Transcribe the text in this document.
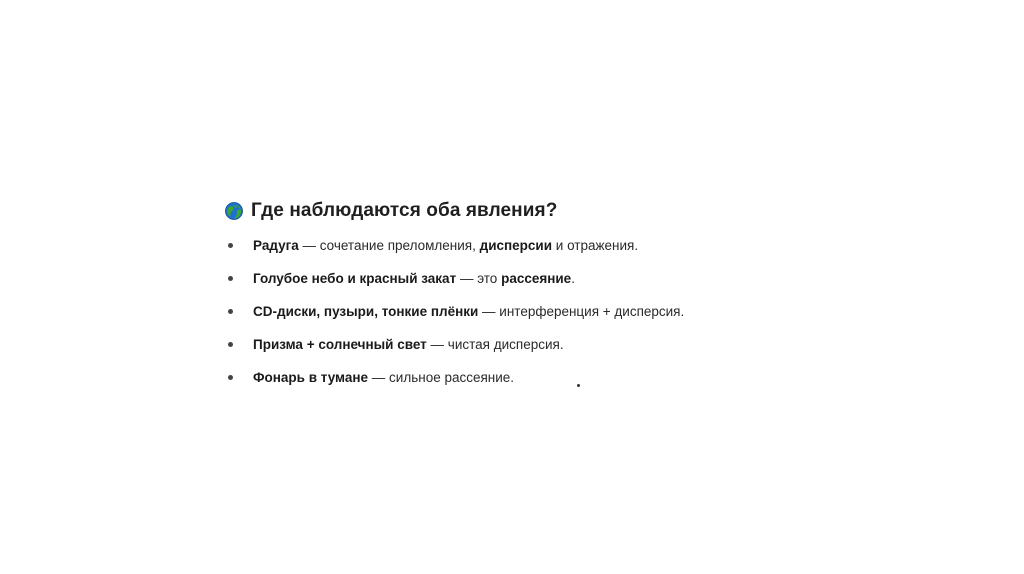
Где наблюдаются оба явления?
Радуга — сочетание преломления, дисперсии и отражения.
Голубое небо и красный закат — это рассеяние.
CD-диски, пузыри, тонкие плёнки — интерференция + дисперсия.
Призма + солнечный свет — чистая дисперсия.
Фонарь в тумане — сильное рассеяние.
